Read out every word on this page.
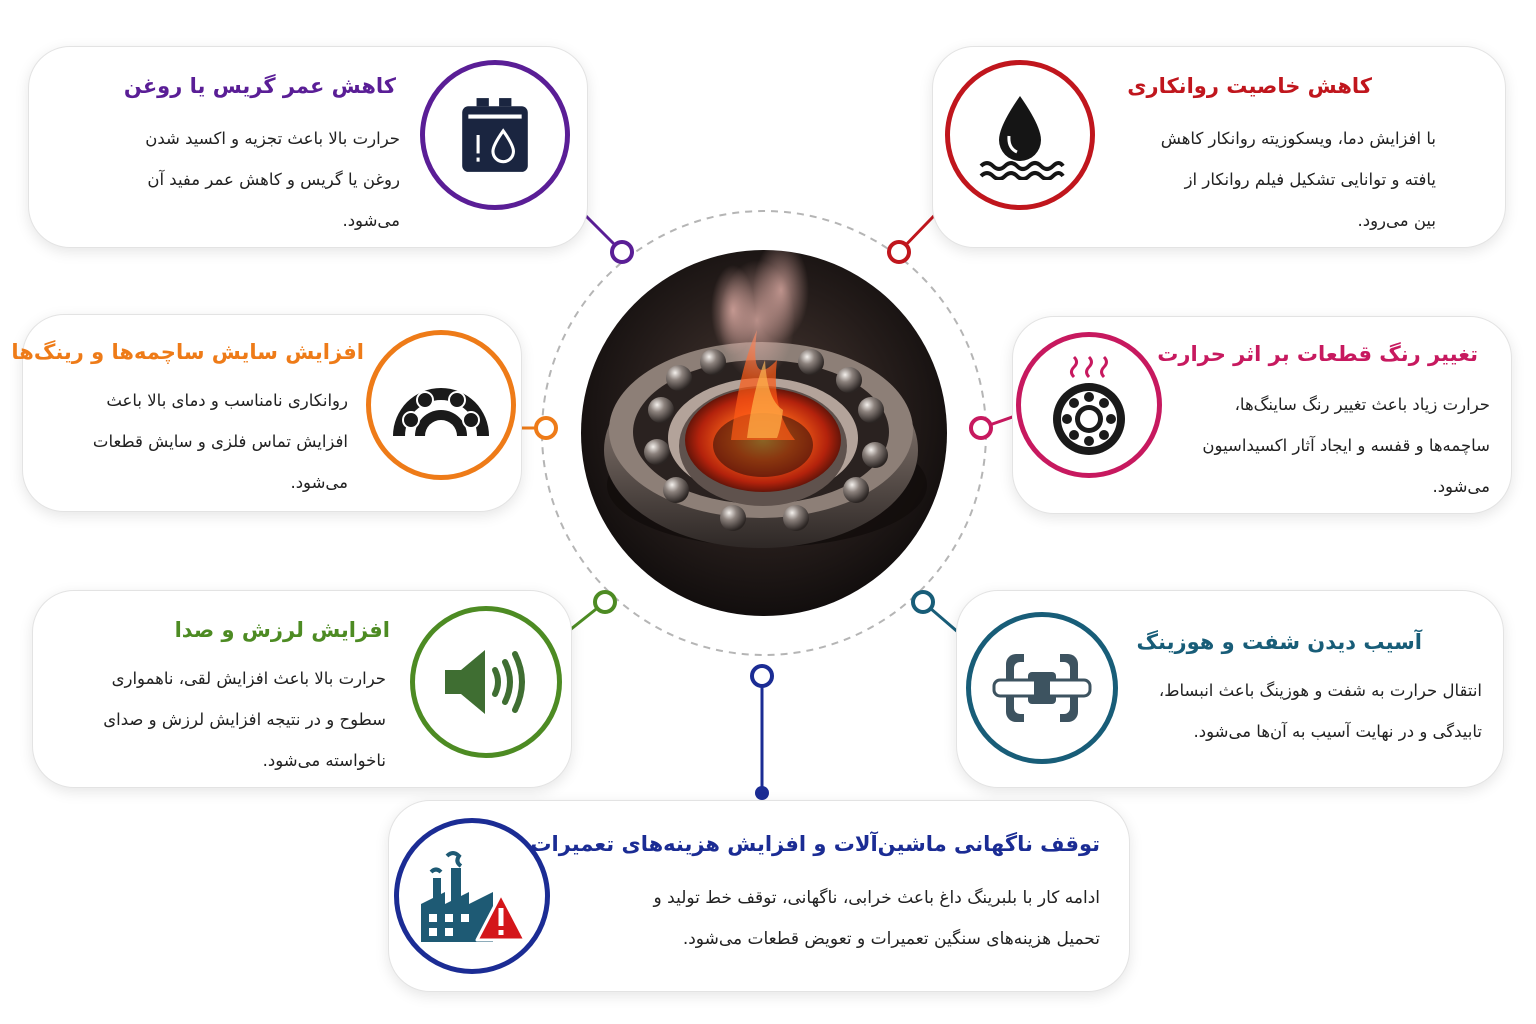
کاهش عمر گریس یا روغن
حرارت بالا باعث تجزیه و اکسید شدن
روغن یا گریس و کاهش عمر مفید آن
می‌شود.
کاهش خاصیت روانکاری
با افزایش دما، ویسکوزیته روانکار کاهش
یافته و توانایی تشکیل فیلم روانکار از
بین می‌رود.
افزایش سایش ساچمه‌ها و رینگ‌ها
روانکاری نامناسب و دمای بالا باعث
افزایش تماس فلزی و سایش قطعات
می‌شود.
تغییر رنگ قطعات بر اثر حرارت
حرارت زیاد باعث تغییر رنگ سا‌ینگ‌ها،
ساچمه‌ها و قفسه و ایجاد آثار اکسیداسیون
می‌شود.
افزایش لرزش و صدا
حرارت بالا باعث افزایش لقی، ناهمواری
سطوح و در نتیجه افزایش لرزش و صدای
ناخواسته می‌شود.
آسیب دیدن شفت و هوزینگ
انتقال حرارت به شفت و هوزینگ باعث انبساط،
تابیدگی و در نهایت آسیب به آن‌ها می‌شود.
توقف ناگهانی ماشین‌آلات و افزایش هزینه‌های تعمیرات
ادامه کار با بلبرینگ داغ باعث خرابی، ناگهانی، توقف خط تولید و
تحمیل هزینه‌های سنگین تعمیرات و تعویض قطعات می‌شود.
